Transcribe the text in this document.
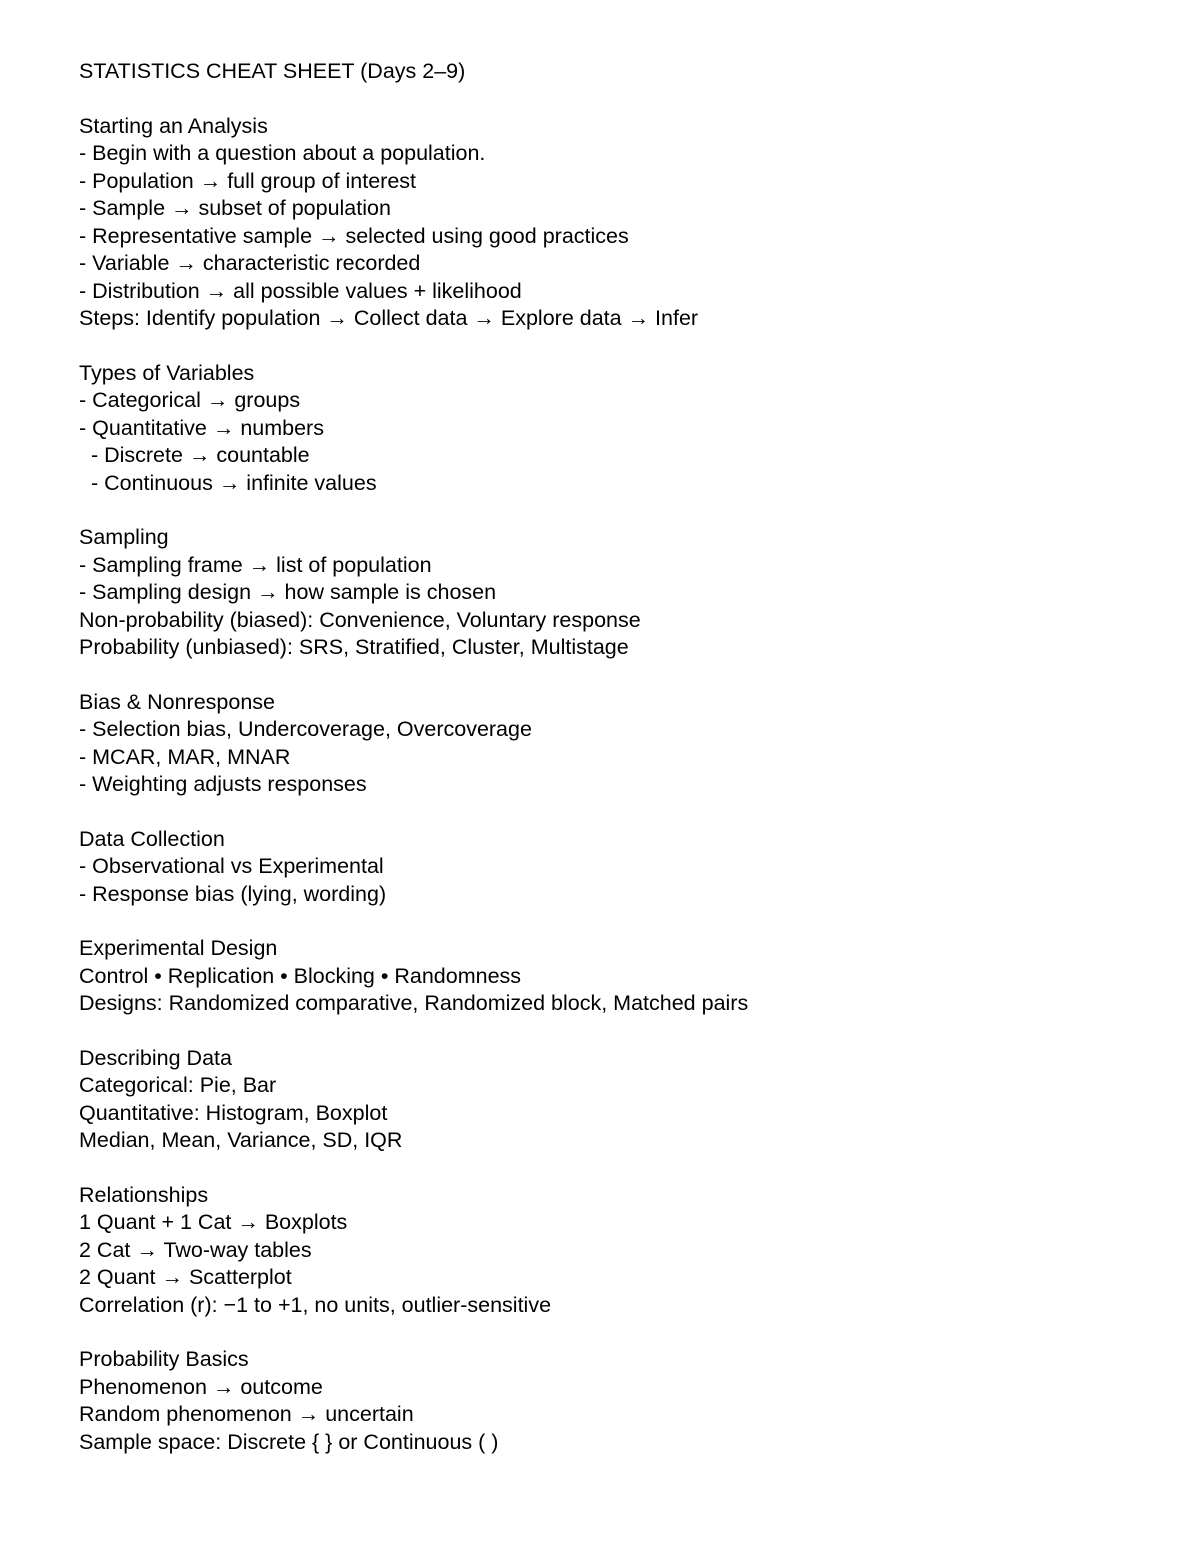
STATISTICS CHEAT SHEET (Days 2–9)
Starting an Analysis

- Begin with a question about a population.

- Population → full group of interest

- Sample → subset of population

- Representative sample → selected using good practices

- Variable → characteristic recorded

- Distribution → all possible values + likelihood

Steps: Identify population → Collect data → Explore data → Infer

Types of Variables

- Categorical → groups

- Quantitative → numbers

- Discrete → countable

- Continuous → infinite values

Sampling

- Sampling frame → list of population

- Sampling design → how sample is chosen

Non-probability (biased): Convenience, Voluntary response

Probability (unbiased): SRS, Stratified, Cluster, Multistage

Bias & Nonresponse

- Selection bias, Undercoverage, Overcoverage

- MCAR, MAR, MNAR

- Weighting adjusts responses

Data Collection

- Observational vs Experimental

- Response bias (lying, wording)

Experimental Design

Control • Replication • Blocking • Randomness

Designs: Randomized comparative, Randomized block, Matched pairs

Describing Data

Categorical: Pie, Bar

Quantitative: Histogram, Boxplot

Median, Mean, Variance, SD, IQR

Relationships

1 Quant + 1 Cat → Boxplots

2 Cat → Two-way tables

2 Quant → Scatterplot

Correlation (r): −1 to +1, no units, outlier-sensitive

Probability Basics

Phenomenon → outcome

Random phenomenon → uncertain

Sample space: Discrete { } or Continuous ( )
